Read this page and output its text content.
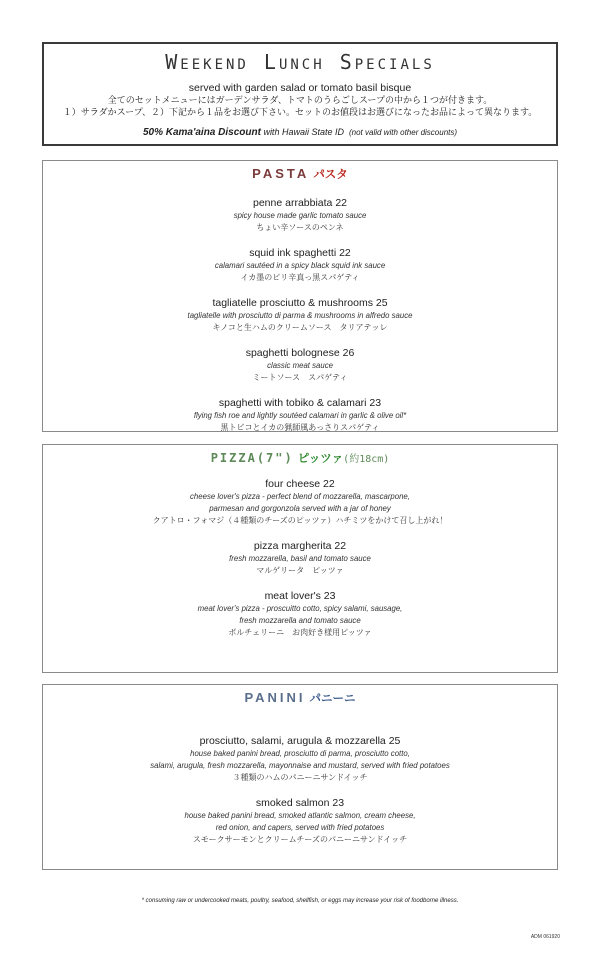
Weekend Lunch Specials
served with garden salad or tomato basil bisque
全てのセットメニューにはガーデンサラダ、トマトのうらごしスープの中から１つが付きます。
１）サラダかスープ、２）下記から１品をお選び下さい。セットのお値段はお選びになったお品によって異なります。
50% Kama'aina Discount with Hawaii State ID (not valid with other discounts)
PASTA パスタ
penne arrabbiata 22
spicy house made garlic tomato sauce
ちょい辛ソースのペンネ
squid ink spaghetti 22
calamari sautéed in a spicy black squid ink sauce
イカ墨のピリ辛真っ黒スパゲティ
tagliatelle prosciutto & mushrooms 25
tagliatelle with prosciutto di parma & mushrooms in alfredo sauce
キノコと生ハムのクリームソース　タリアテッレ
spaghetti bolognese 26
classic meat sauce
ミートソース　スパゲティ
spaghetti with tobiko & calamari 23
flying fish roe and lightly soutéed calamari in garlic & olive oil*
黒トビコとイカの猟師風あっさりスパゲティ
PIZZA(7") ピッツァ(約18cm)
four cheese 22
cheese lover's pizza - perfect blend of mozzarella, mascarpone,
parmesan and gorgonzola served with a jar of honey
クアトロ・フォマジ（４種類のチーズのピッツァ）ハチミツをかけて召し上がれ！
pizza margherita 22
fresh mozzarella, basil and tomato sauce
マルゲリータ　ピッツァ
meat lover's 23
meat lover's pizza - proscuitto cotto, spicy salami, sausage,
fresh mozzarella and tomato sauce
ボルチェリーニ　お肉好き様用ピッツァ
PANINI パニーニ
prosciutto, salami, arugula & mozzarella 25
house baked panini bread, prosciutto di parma, prosciutto cotto,
salami, arugula, fresh mozzarella, mayonnaise and mustard, served with fried potatoes
３種類のハムのパニーニサンドイッチ
smoked salmon 23
house baked panini bread, smoked atlantic salmon, cream cheese,
red onion, and capers, served with fried potatoes
スモークサーモンとクリームチーズのパニーニサンドイッチ
* consuming raw or undercooked meats, poultry, seafood, shellfish, or eggs may increase your risk of foodborne illness.
ADM 061920
